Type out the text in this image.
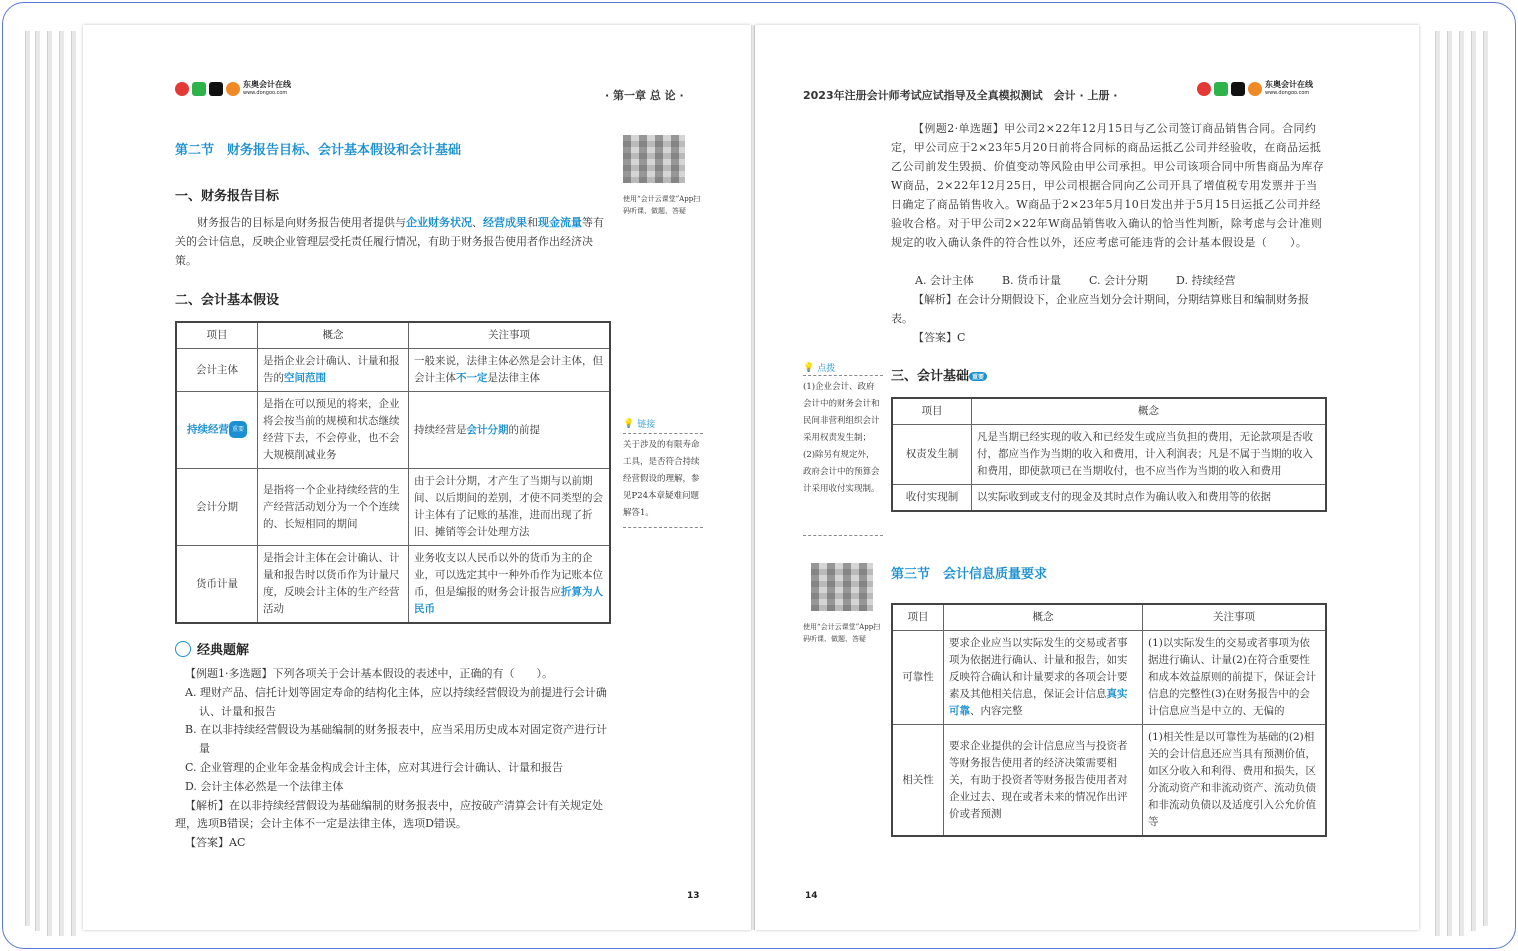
东奥会计在线
www.dongoo.com	· 第一章 总 论 ·
第二节　财务报告目标、会计基本假设和会计基础
使用“会计云课堂”App扫码听课、做题、答疑
一、财务报告目标
财务报告的目标是向财务报告使用者提供与企业财务状况、经营成果和现金流量等有关的会计信息，反映企业管理层受托责任履行情况，有助于财务报告使用者作出经济决策。
二、会计基本假设
项目	概念	关注事项
会计主体	是指企业会计确认、计量和报告的空间范围	一般来说，法律主体必然是会计主体，但会计主体不一定是法律主体
持续经营 重要	是指在可以预见的将来，企业将会按当前的规模和状态继续经营下去，不会停业，也不会大规模削减业务	持续经营是会计分期的前提
会计分期	是指将一个企业持续经营的生产经营活动划分为一个个连续的、长短相同的期间	由于会计分期，才产生了当期与以前期间、以后期间的差别，才使不同类型的会计主体有了记账的基准，进而出现了折旧、摊销等会计处理方法
货币计量	是指会计主体在会计确认、计量和报告时以货币作为计量尺度，反映会计主体的生产经营活动	业务收支以人民币以外的货币为主的企业，可以选定其中一种外币作为记账本位币，但是编报的财务会计报告应折算为人民币
💡 链接
关于涉及的有限寿命工具，是否符合持续经营假设的理解，参见P24本章疑难问题解答1。
经典题解
【例题1·多选题】下列各项关于会计基本假设的表述中，正确的有（　　）。
A. 理财产品、信托计划等固定寿命的结构化主体，应以持续经营假设为前提进行会计确认、计量和报告
B. 在以非持续经营假设为基础编制的财务报表中，应当采用历史成本对固定资产进行计量
C. 企业管理的企业年金基金构成会计主体，应对其进行会计确认、计量和报告
D. 会计主体必然是一个法律主体
【解析】在以非持续经营假设为基础编制的财务报表中，应按破产清算会计有关规定处理，选项B错误；会计主体不一定是法律主体，选项D错误。
【答案】AC
13
2023年注册会计师考试应试指导及全真模拟测试　会计 · 上册 ·
东奥会计在线
www.dongoo.com
【例题2·单选题】甲公司2×22年12月15日与乙公司签订商品销售合同。合同约定，甲公司应于2×23年5月20日前将合同标的商品运抵乙公司并经验收，在商品运抵乙公司前发生毁损、价值变动等风险由甲公司承担。甲公司该项合同中所售商品为库存W商品，2×22年12月25日，甲公司根据合同向乙公司开具了增值税专用发票并于当日确定了商品销售收入。W商品于2×23年5月10日发出并于5月15日运抵乙公司并经验收合格。对于甲公司2×22年W商品销售收入确认的恰当性判断，除考虑与会计准则规定的收入确认条件的符合性以外，还应考虑可能违背的会计基本假设是（　　）。
A. 会计主体	B. 货币计量	C. 会计分期	D. 持续经营
【解析】在会计分期假设下，企业应当划分会计期间，分期结算账目和编制财务报表。
【答案】C
💡 点拨
(1)企业会计、政府会计中的财务会计和民间非营利组织会计采用权责发生制；(2)除另有规定外，政府会计中的预算会计采用收付实现制。
三、会计基础 重要
项目	概念
权责发生制	凡是当期已经实现的收入和已经发生或应当负担的费用，无论款项是否收付，都应当作为当期的收入和费用，计入利润表；凡是不属于当期的收入和费用，即使款项已在当期收付，也不应当作为当期的收入和费用
收付实现制	以实际收到或支付的现金及其时点作为确认收入和费用等的依据
使用“会计云课堂”App扫码听课、做题、答疑
第三节　会计信息质量要求
项目	概念	关注事项
可靠性	要求企业应当以实际发生的交易或者事项为依据进行确认、计量和报告，如实反映符合确认和计量要求的各项会计要素及其他相关信息，保证会计信息真实可靠、内容完整	(1)以实际发生的交易或者事项为依据进行确认、计量(2)在符合重要性和成本效益原则的前提下，保证会计信息的完整性(3)在财务报告中的会计信息应当是中立的、无偏的
相关性	要求企业提供的会计信息应当与投资者等财务报告使用者的经济决策需要相关，有助于投资者等财务报告使用者对企业过去、现在或者未来的情况作出评价或者预测	(1)相关性是以可靠性为基础的(2)相关的会计信息还应当具有预测价值，如区分收入和利得、费用和损失，区分流动资产和非流动资产、流动负债和非流动负债以及适度引入公允价值等
14
